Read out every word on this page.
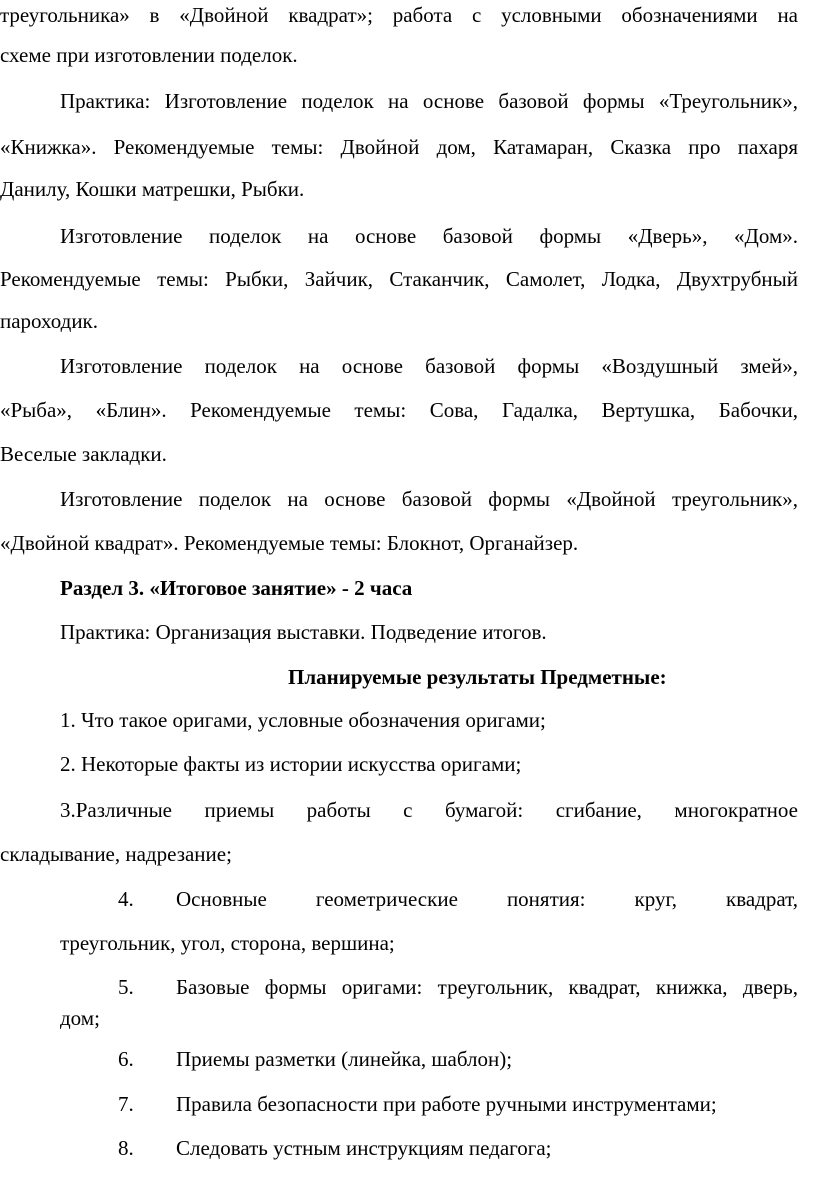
треугольника» в «Двойной квадрат»; работа с условными обозначениями на
схеме при изготовлении поделок.
Практика: Изготовление поделок на основе базовой формы «Треугольник»,
«Книжка». Рекомендуемые темы: Двойной дом, Катамаран, Сказка про пахаря
Данилу, Кошки матрешки, Рыбки.
Изготовление поделок на основе базовой формы «Дверь», «Дом».
Рекомендуемые темы: Рыбки, Зайчик, Стаканчик, Самолет, Лодка, Двухтрубный
пароходик.
Изготовление поделок на основе базовой формы «Воздушный змей»,
«Рыба», «Блин». Рекомендуемые темы: Сова, Гадалка, Вертушка, Бабочки,
Веселые закладки.
Изготовление поделок на основе базовой формы «Двойной треугольник»,
«Двойной квадрат». Рекомендуемые темы: Блокнот, Органайзер.
Раздел 3. «Итоговое занятие» - 2 часа
Практика: Организация выставки. Подведение итогов.
Планируемые результаты Предметные:
1. Что такое оригами, условные обозначения оригами;
2. Некоторые факты из истории искусства оригами;
3.Различные приемы работы с бумагой: сгибание, многократное
складывание, надрезание;
4.	Основные геометрические понятия: круг, квадрат,
треугольник, угол, сторона, вершина;
5.	Базовые формы оригами: треугольник, квадрат, книжка, дверь,
дом;
6.	Приемы разметки (линейка, шаблон);
7.	Правила безопасности при работе ручными инструментами;
8.	Следовать устным инструкциям педагога;
